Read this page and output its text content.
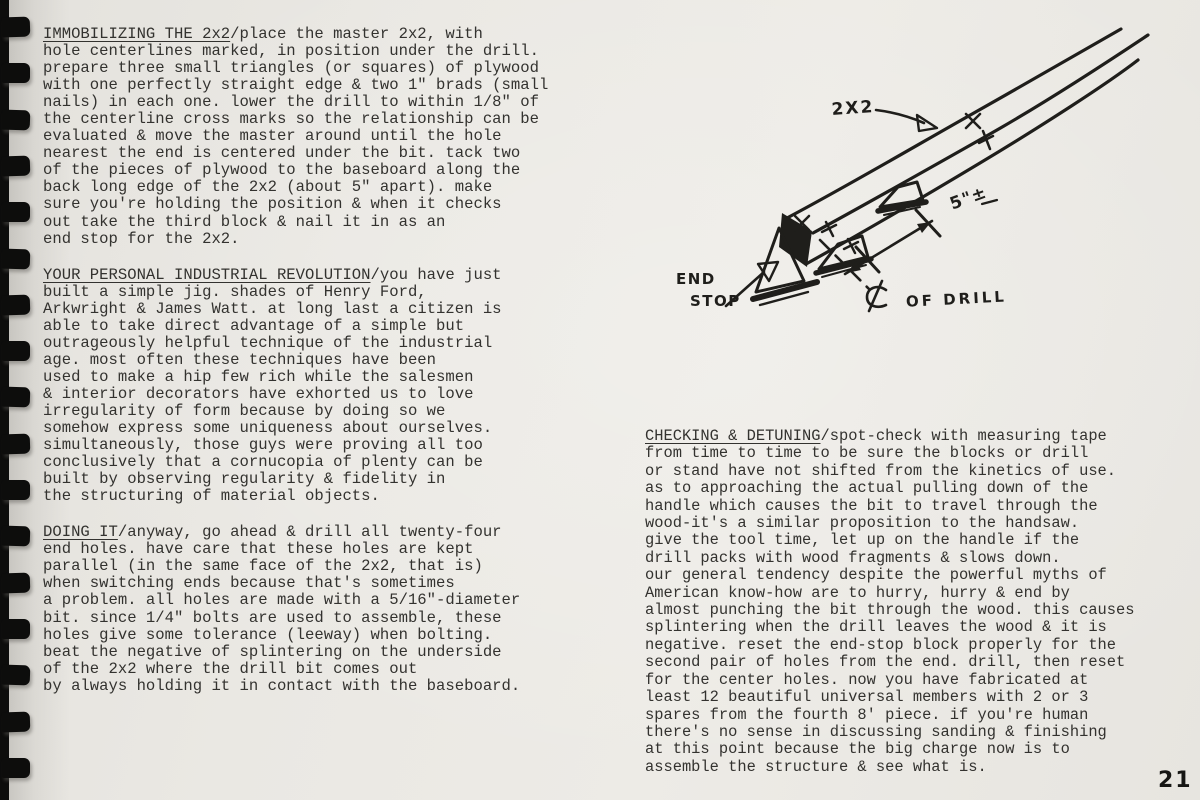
IMMOBILIZING THE 2x2/place the master 2x2, with
hole centerlines marked, in position under the drill.
prepare three small triangles (or squares) of plywood
with one perfectly straight edge & two 1" brads (small
nails) in each one. lower the drill to within 1/8" of
the centerline cross marks so the relationship can be
evaluated & move the master around until the hole
nearest the end is centered under the bit. tack two
of the pieces of plywood to the baseboard along the
back long edge of the 2x2 (about 5" apart). make
sure you're holding the position & when it checks
out take the third block & nail it in as an
end stop for the 2x2.
YOUR PERSONAL INDUSTRIAL REVOLUTION/you have just
built a simple jig. shades of Henry Ford,
Arkwright & James Watt. at long last a citizen is
able to take direct advantage of a simple but
outrageously helpful technique of the industrial
age. most often these techniques have been
used to make a hip few rich while the salesmen
& interior decorators have exhorted us to love
irregularity of form because by doing so we
somehow express some uniqueness about ourselves.
simultaneously, those guys were proving all too
conclusively that a cornucopia of plenty can be
built by observing regularity & fidelity in
the structuring of material objects.
DOING IT/anyway, go ahead & drill all twenty-four
end holes. have care that these holes are kept
parallel (in the same face of the 2x2, that is)
when switching ends because that's sometimes
a problem. all holes are made with a 5/16"-diameter
bit. since 1/4" bolts are used to assemble, these
holes give some tolerance (leeway) when bolting.
beat the negative of splintering on the underside
of the 2x2 where the drill bit comes out
by always holding it in contact with the baseboard.
CHECKING & DETUNING/spot-check with measuring tape
from time to time to be sure the blocks or drill
or stand have not shifted from the kinetics of use.
as to approaching the actual pulling down of the
handle which causes the bit to travel through the
wood-it's a similar proposition to the handsaw.
give the tool time, let up on the handle if the
drill packs with wood fragments & slows down.
our general tendency despite the powerful myths of
American know-how are to hurry, hurry & end by
almost punching the bit through the wood. this causes
splintering when the drill leaves the wood & it is
negative. reset the end-stop block properly for the
second pair of holes from the end. drill, then reset
for the center holes. now you have fabricated at
least 12 beautiful universal members with 2 or 3
spares from the fourth 8' piece. if you're human
there's no sense in discussing sanding & finishing
at this point because the big charge now is to
assemble the structure & see what is.
2X2
5"±
OF DRILL
END
STOP
21
